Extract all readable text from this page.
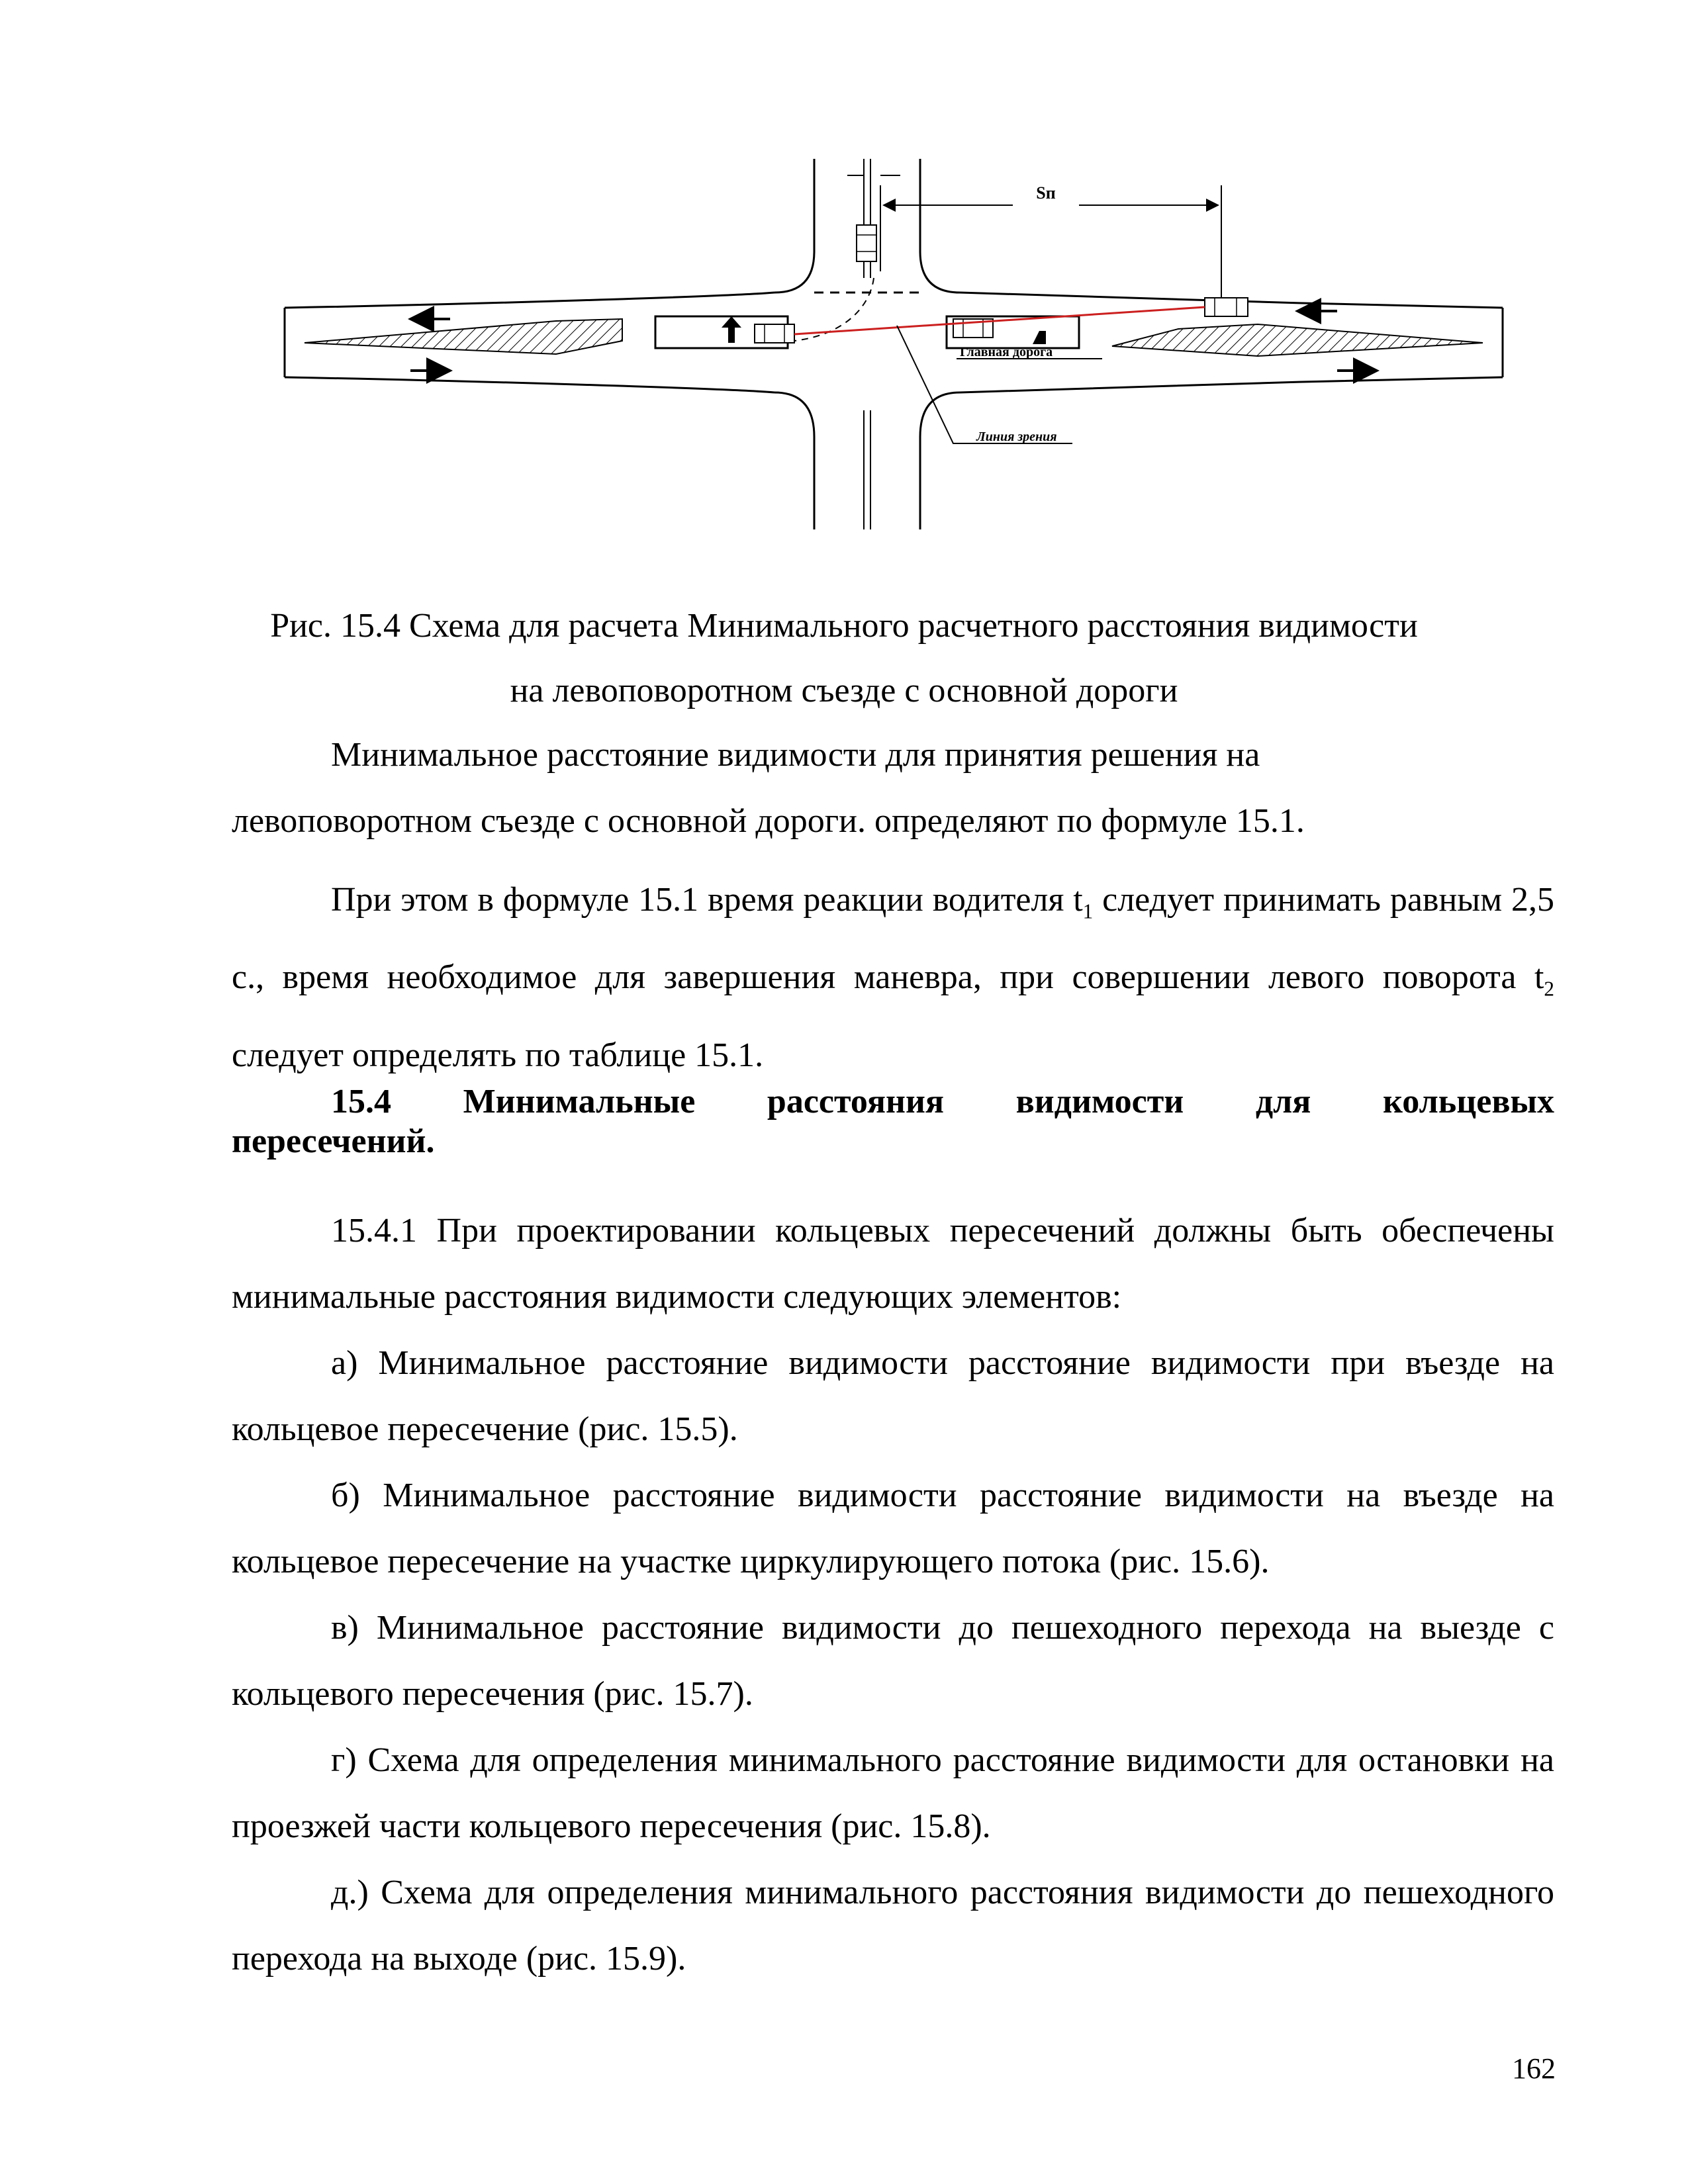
Sп
Главная дорога
Линия зрения
Рис. 15.4 Схема для расчета Минимального расчетного расстояния видимости
на левоповоротном съезде с основной дороги
Минимальное расстояние видимости для принятия решения на
левоповоротном съезде с основной дороги. определяют по формуле 15.1.
При этом в формуле 15.1 время реакции водителя $t_1$ следует принимать равным 2,5 с., время необходимое для завершения маневра, при совершении левого поворота $t_2$ следует определять по таблице 15.1.
15.4 Минимальные расстояния видимости для кольцевых
пересечений.
15.4.1 При проектировании кольцевых пересечений должны быть обеспечены минимальные расстояния видимости следующих элементов:
а) Минимальное расстояние видимости расстояние видимости при въезде на кольцевое пересечение (рис. 15.5).
б) Минимальное расстояние видимости расстояние видимости на въезде на кольцевое пересечение на участке циркулирующего потока (рис. 15.6).
в) Минимальное расстояние видимости до пешеходного перехода на выезде с кольцевого пересечения (рис. 15.7).
г) Схема для определения минимального расстояние видимости для остановки на проезжей части кольцевого пересечения (рис. 15.8).
д.) Схема для определения минимального расстояния видимости до пешеходного перехода на выходе (рис. 15.9).
162
